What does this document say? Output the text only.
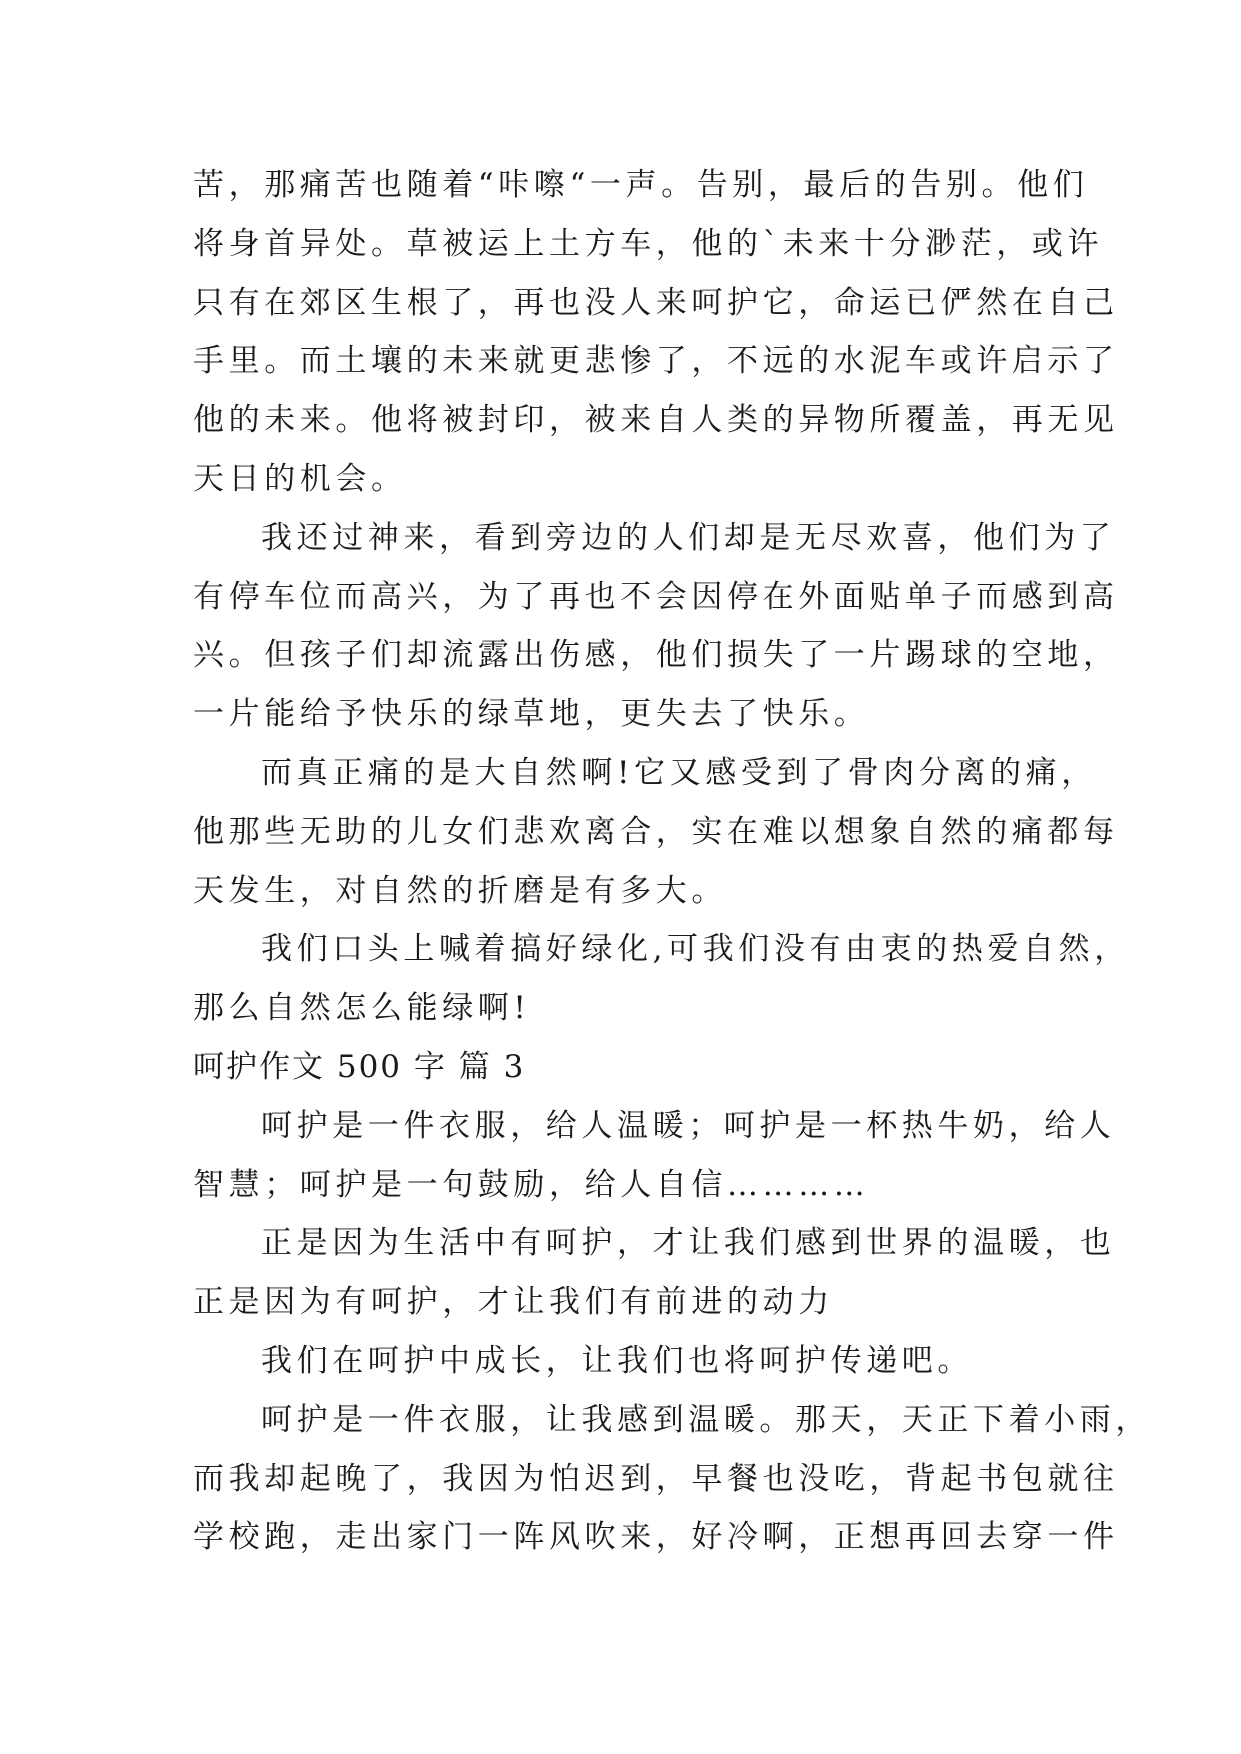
苦，那痛苦也随着“咔嚓“一声。告别，最后的告别。他们
将身首异处。草被运上土方车，他的`未来十分渺茫，或许
只有在郊区生根了，再也没人来呵护它，命运已俨然在自己
手里。而土壤的未来就更悲惨了，不远的水泥车或许启示了
他的未来。他将被封印，被来自人类的异物所覆盖，再无见
天日的机会。
我还过神来，看到旁边的人们却是无尽欢喜，他们为了
有停车位而高兴，为了再也不会因停在外面贴单子而感到高
兴。但孩子们却流露出伤感，他们损失了一片踢球的空地，
一片能给予快乐的绿草地，更失去了快乐。
而真正痛的是大自然啊!它又感受到了骨肉分离的痛，
他那些无助的儿女们悲欢离合，实在难以想象自然的痛都每
天发生，对自然的折磨是有多大。
我们口头上喊着搞好绿化,可我们没有由衷的热爱自然，
那么自然怎么能绿啊!
呵护作文 500 字 篇 3
呵护是一件衣服，给人温暖；呵护是一杯热牛奶，给人
智慧；呵护是一句鼓励，给人自信…………
正是因为生活中有呵护，才让我们感到世界的温暖，也
正是因为有呵护，才让我们有前进的动力
我们在呵护中成长，让我们也将呵护传递吧。
呵护是一件衣服，让我感到温暖。那天，天正下着小雨，
而我却起晚了，我因为怕迟到，早餐也没吃，背起书包就往
学校跑，走出家门一阵风吹来，好冷啊，正想再回去穿一件
